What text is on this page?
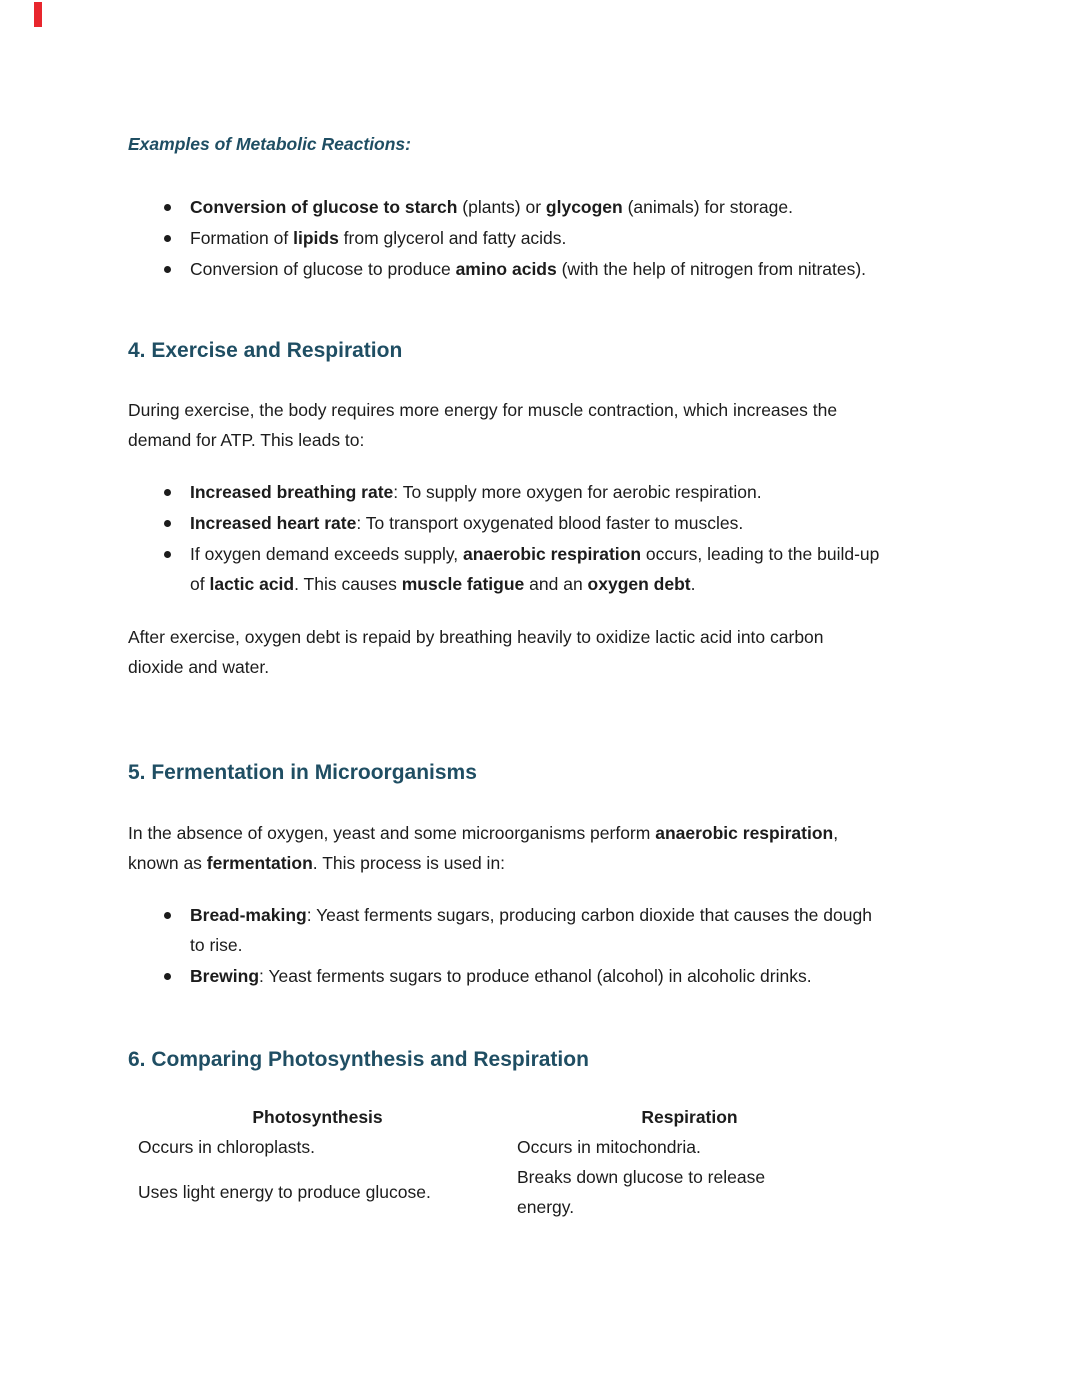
Examples of Metabolic Reactions:

Conversion of glucose to starch (plants) or glycogen (animals) for storage.
Formation of lipids from glycerol and fatty acids.
Conversion of glucose to produce amino acids (with the help of nitrogen from nitrates).
4. Exercise and Respiration

During exercise, the body requires more energy for muscle contraction, which increases the
demand for ATP. This leads to:

Increased breathing rate: To supply more oxygen for aerobic respiration.
Increased heart rate: To transport oxygenated blood faster to muscles.
If oxygen demand exceeds supply, anaerobic respiration occurs, leading to the build-up
of lactic acid. This causes muscle fatigue and an oxygen debt.

After exercise, oxygen debt is repaid by breathing heavily to oxidize lactic acid into carbon
dioxide and water.

5. Fermentation in Microorganisms

In the absence of oxygen, yeast and some microorganisms perform anaerobic respiration,
known as fermentation. This process is used in:

Bread-making: Yeast ferments sugars, producing carbon dioxide that causes the dough
to rise.
Brewing: Yeast ferments sugars to produce ethanol (alcohol) in alcoholic drinks.
6. Comparing Photosynthesis and Respiration
Photosynthesis	Respiration
Occurs in chloroplasts.	Occurs in mitochondria.
Uses light energy to produce glucose.	Breaks down glucose to release
energy.
